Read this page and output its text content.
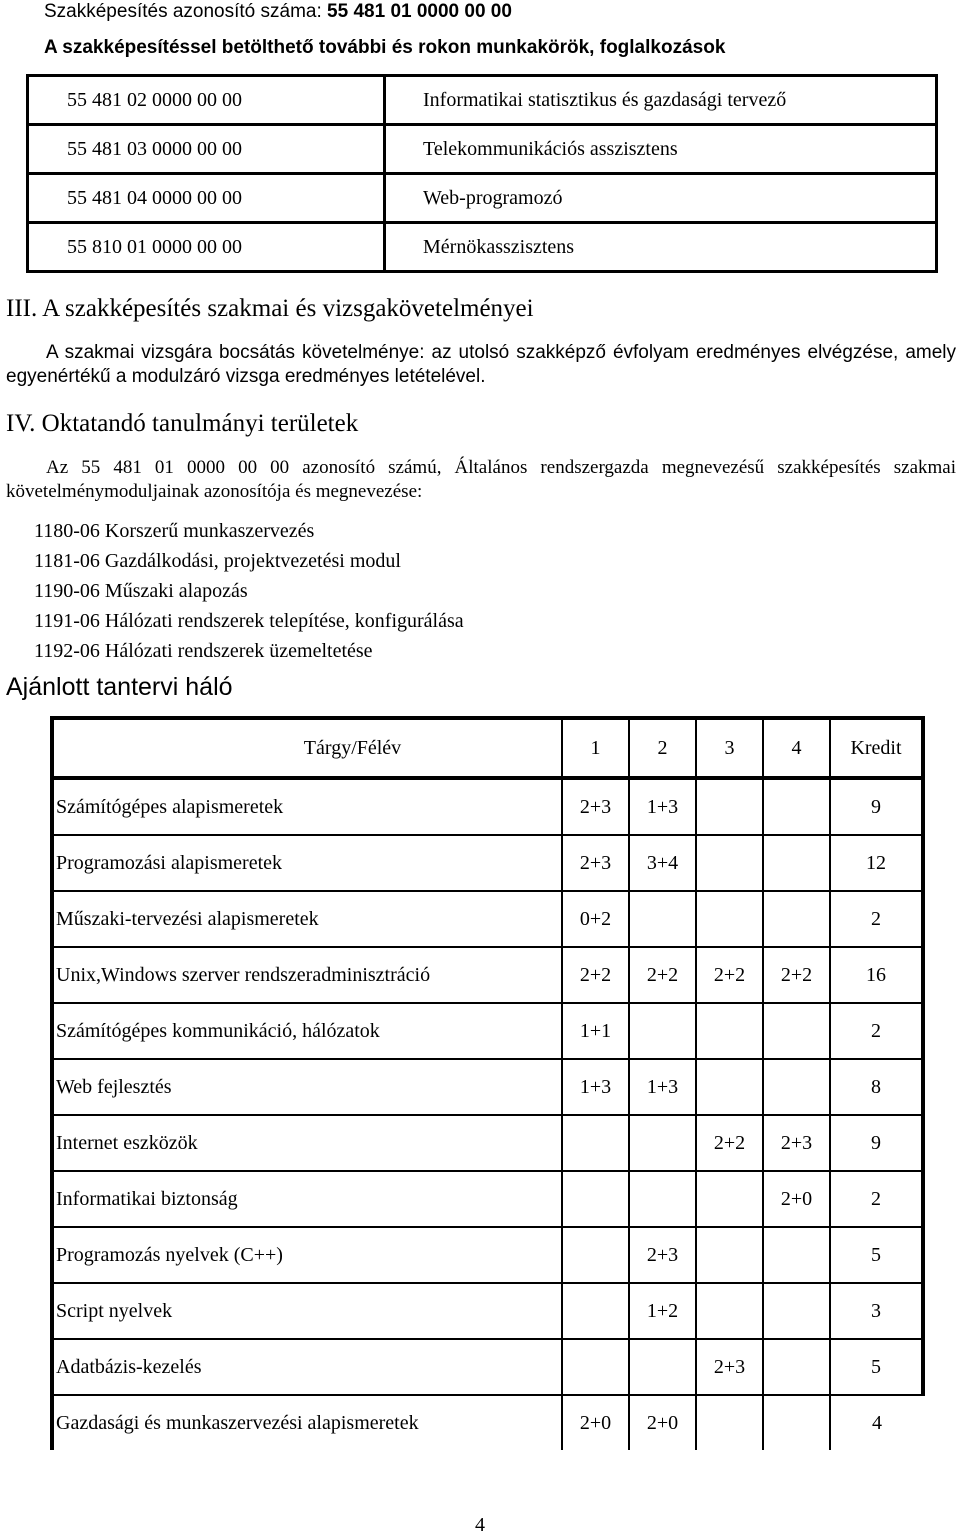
Szakképesítés azonosító száma: 55 481 01 0000 00 00
A szakképesítéssel betölthető további és rokon munkakörök, foglalkozások
55 481 02 0000 00 00	Informatikai statisztikus és gazdasági tervező
55 481 03 0000 00 00	Telekommunikációs asszisztens
55 481 04 0000 00 00	Web-programozó
55 810 01 0000 00 00	Mérnökasszisztens
III. A szakképesítés szakmai és vizsgakövetelményei
A szakmai vizsgára bocsátás követelménye: az utolsó szakképző évfolyam eredményes elvégzése, amely egyenértékű a modulzáró vizsga eredményes letételével.
IV. Oktatandó tanulmányi területek
Az 55 481 01 0000 00 00 azonosító számú, Általános rendszergazda megnevezésű szakképesítés szakmai követelménymoduljainak azonosítója és megnevezése:
1180-06 Korszerű munkaszervezés
1181-06 Gazdálkodási, projektvezetési modul
1190-06 Műszaki alapozás
1191-06 Hálózati rendszerek telepítése, konfigurálása
1192-06 Hálózati rendszerek üzemeltetése
Ajánlott tantervi háló
Tárgy/Félév	1	2	3	4	Kredit
Számítógépes alapismeretek	2+3	1+3			9
Programozási alapismeretek	2+3	3+4			12
Műszaki-tervezési alapismeretek	0+2				2
Unix,Windows szerver rendszeradminisztráció	2+2	2+2	2+2	2+2	16
Számítógépes kommunikáció, hálózatok	1+1				2
Web fejlesztés	1+3	1+3			8
Internet eszközök			2+2	2+3	9
Informatikai biztonság				2+0	2
Programozás nyelvek (C++)		2+3			5
Script nyelvek		1+2			3
Adatbázis-kezelés			2+3		5
Gazdasági és munkaszervezési alapismeretek	2+0	2+0			4
4
